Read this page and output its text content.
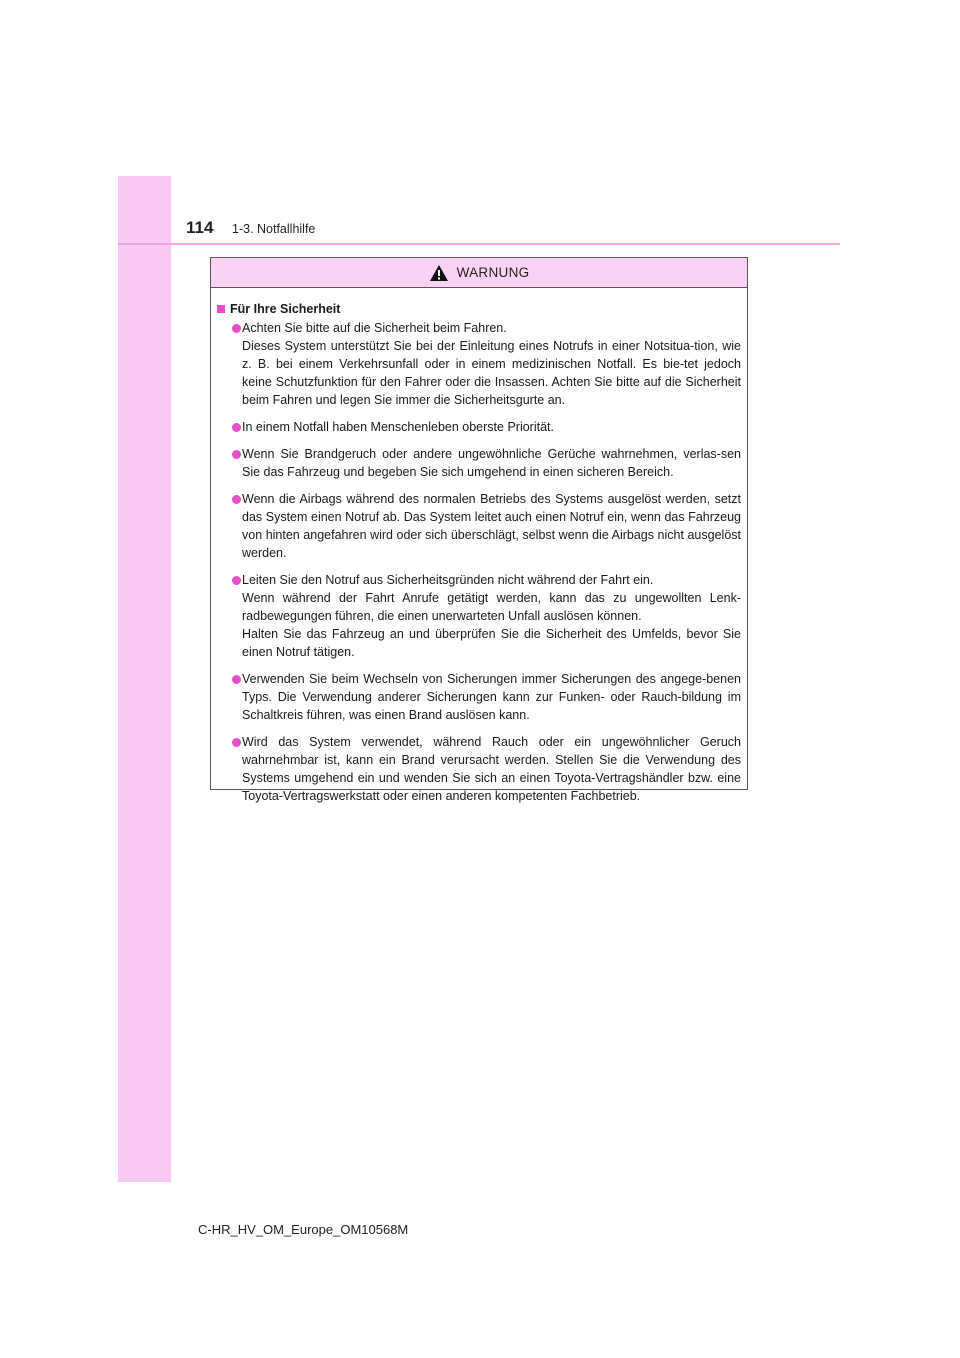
114 1-3. Notfallhilfe
WARNUNG
Für Ihre Sicherheit

Achten Sie bitte auf die Sicherheit beim Fahren.

Dieses System unterstützt Sie bei der Einleitung eines Notrufs in einer Notsitua-tion, wie z. B. bei einem Verkehrsunfall oder in einem medizinischen Notfall. Es bie-tet jedoch keine Schutzfunktion für den Fahrer oder die Insassen. Achten Sie bitte auf die Sicherheit beim Fahren und legen Sie immer die Sicherheitsgurte an.

In einem Notfall haben Menschenleben oberste Priorität.

Wenn Sie Brandgeruch oder andere ungewöhnliche Gerüche wahrnehmen, verlas-sen Sie das Fahrzeug und begeben Sie sich umgehend in einen sicheren Bereich.

Wenn die Airbags während des normalen Betriebs des Systems ausgelöst werden, setzt das System einen Notruf ab. Das System leitet auch einen Notruf ein, wenn das Fahrzeug von hinten angefahren wird oder sich überschlägt, selbst wenn die Airbags nicht ausgelöst werden.

Leiten Sie den Notruf aus Sicherheitsgründen nicht während der Fahrt ein.

Wenn während der Fahrt Anrufe getätigt werden, kann das zu ungewollten Lenk-radbewegungen führen, die einen unerwarteten Unfall auslösen können.

Halten Sie das Fahrzeug an und überprüfen Sie die Sicherheit des Umfelds, bevor Sie einen Notruf tätigen.

Verwenden Sie beim Wechseln von Sicherungen immer Sicherungen des angege-benen Typs. Die Verwendung anderer Sicherungen kann zur Funken- oder Rauch-bildung im Schaltkreis führen, was einen Brand auslösen kann.

Wird das System verwendet, während Rauch oder ein ungewöhnlicher Geruch wahrnehmbar ist, kann ein Brand verursacht werden. Stellen Sie die Verwendung des Systems umgehend ein und wenden Sie sich an einen Toyota-Vertragshändler bzw. eine Toyota-Vertragswerkstatt oder einen anderen kompetenten Fachbetrieb.

C-HR_HV_OM_Europe_OM10568M
